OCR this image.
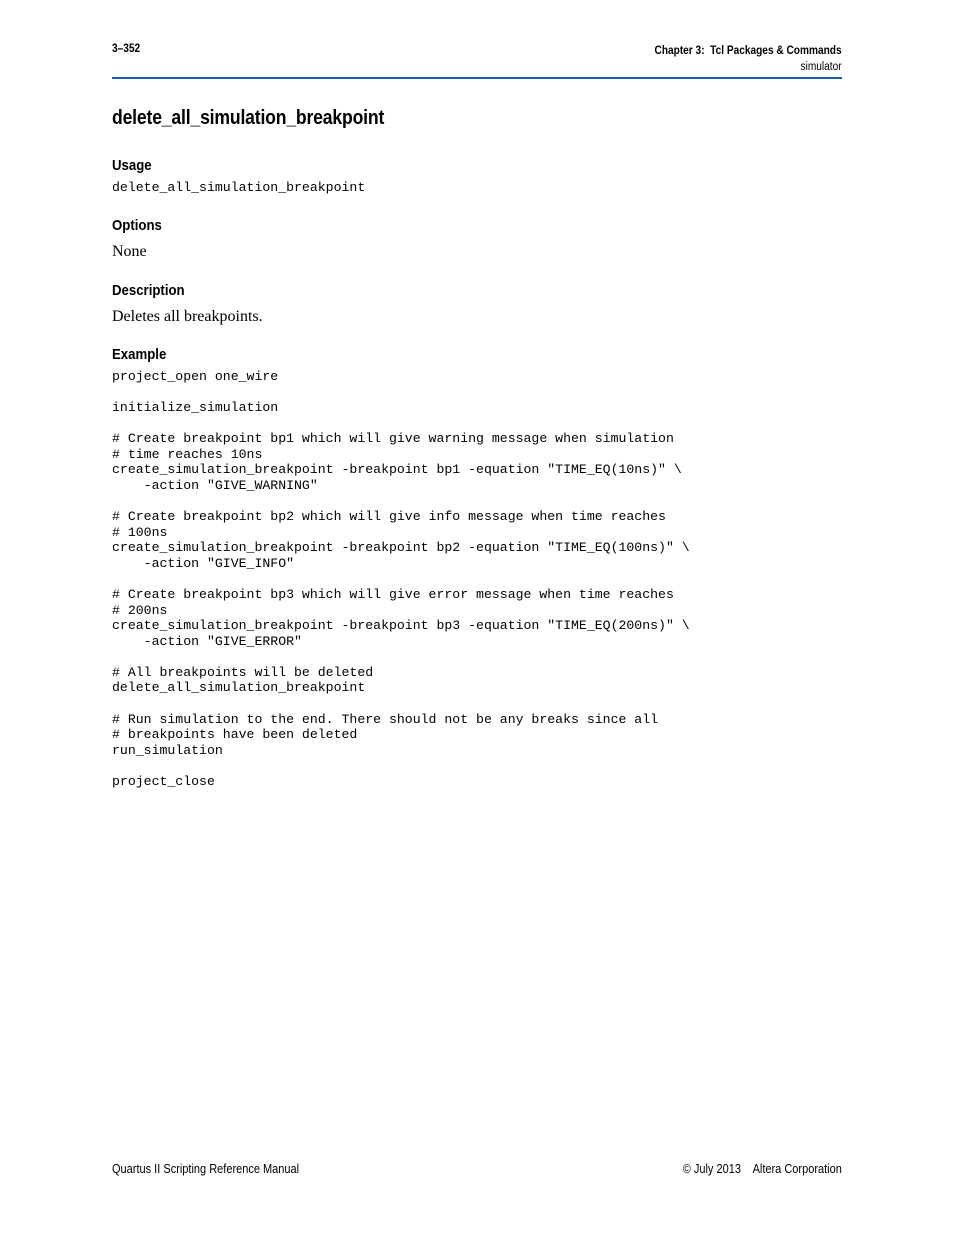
3–352	Chapter 3:  Tcl Packages & Commands
simulator
delete_all_simulation_breakpoint
Usage
delete_all_simulation_breakpoint
Options
None
Description
Deletes all breakpoints.
Example
project_open one_wire

initialize_simulation

# Create breakpoint bp1 which will give warning message when simulation
# time reaches 10ns
create_simulation_breakpoint -breakpoint bp1 -equation "TIME_EQ(10ns)" \
-action "GIVE_WARNING"

# Create breakpoint bp2 which will give info message when time reaches
# 100ns
create_simulation_breakpoint -breakpoint bp2 -equation "TIME_EQ(100ns)" \
-action "GIVE_INFO"

# Create breakpoint bp3 which will give error message when time reaches
# 200ns
create_simulation_breakpoint -breakpoint bp3 -equation "TIME_EQ(200ns)" \
-action "GIVE_ERROR"

# All breakpoints will be deleted
delete_all_simulation_breakpoint

# Run simulation to the end. There should not be any breaks since all
# breakpoints have been deleted
run_simulation

project_close
Quartus II Scripting Reference Manual	© July 2013    Altera Corporation
